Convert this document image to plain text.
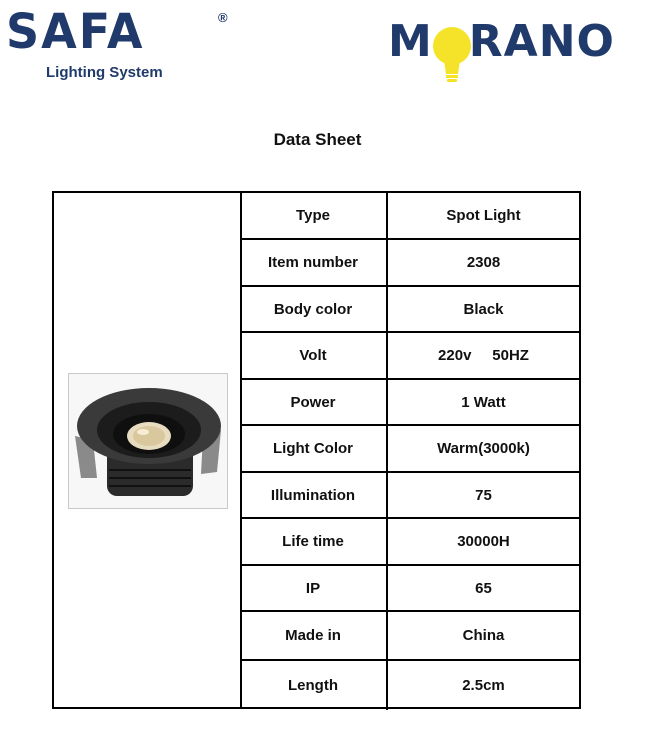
SAFA	®
Lighting System
M RANO
Data Sheet
Type	Spot Light
Item number	2308
Body color	Black
Volt	220v     50HZ
Power	1 Watt
Light Color	Warm(3000k)
Illumination	75
Life time	30000H
IP	65
Made in	China
Length	2.5cm
